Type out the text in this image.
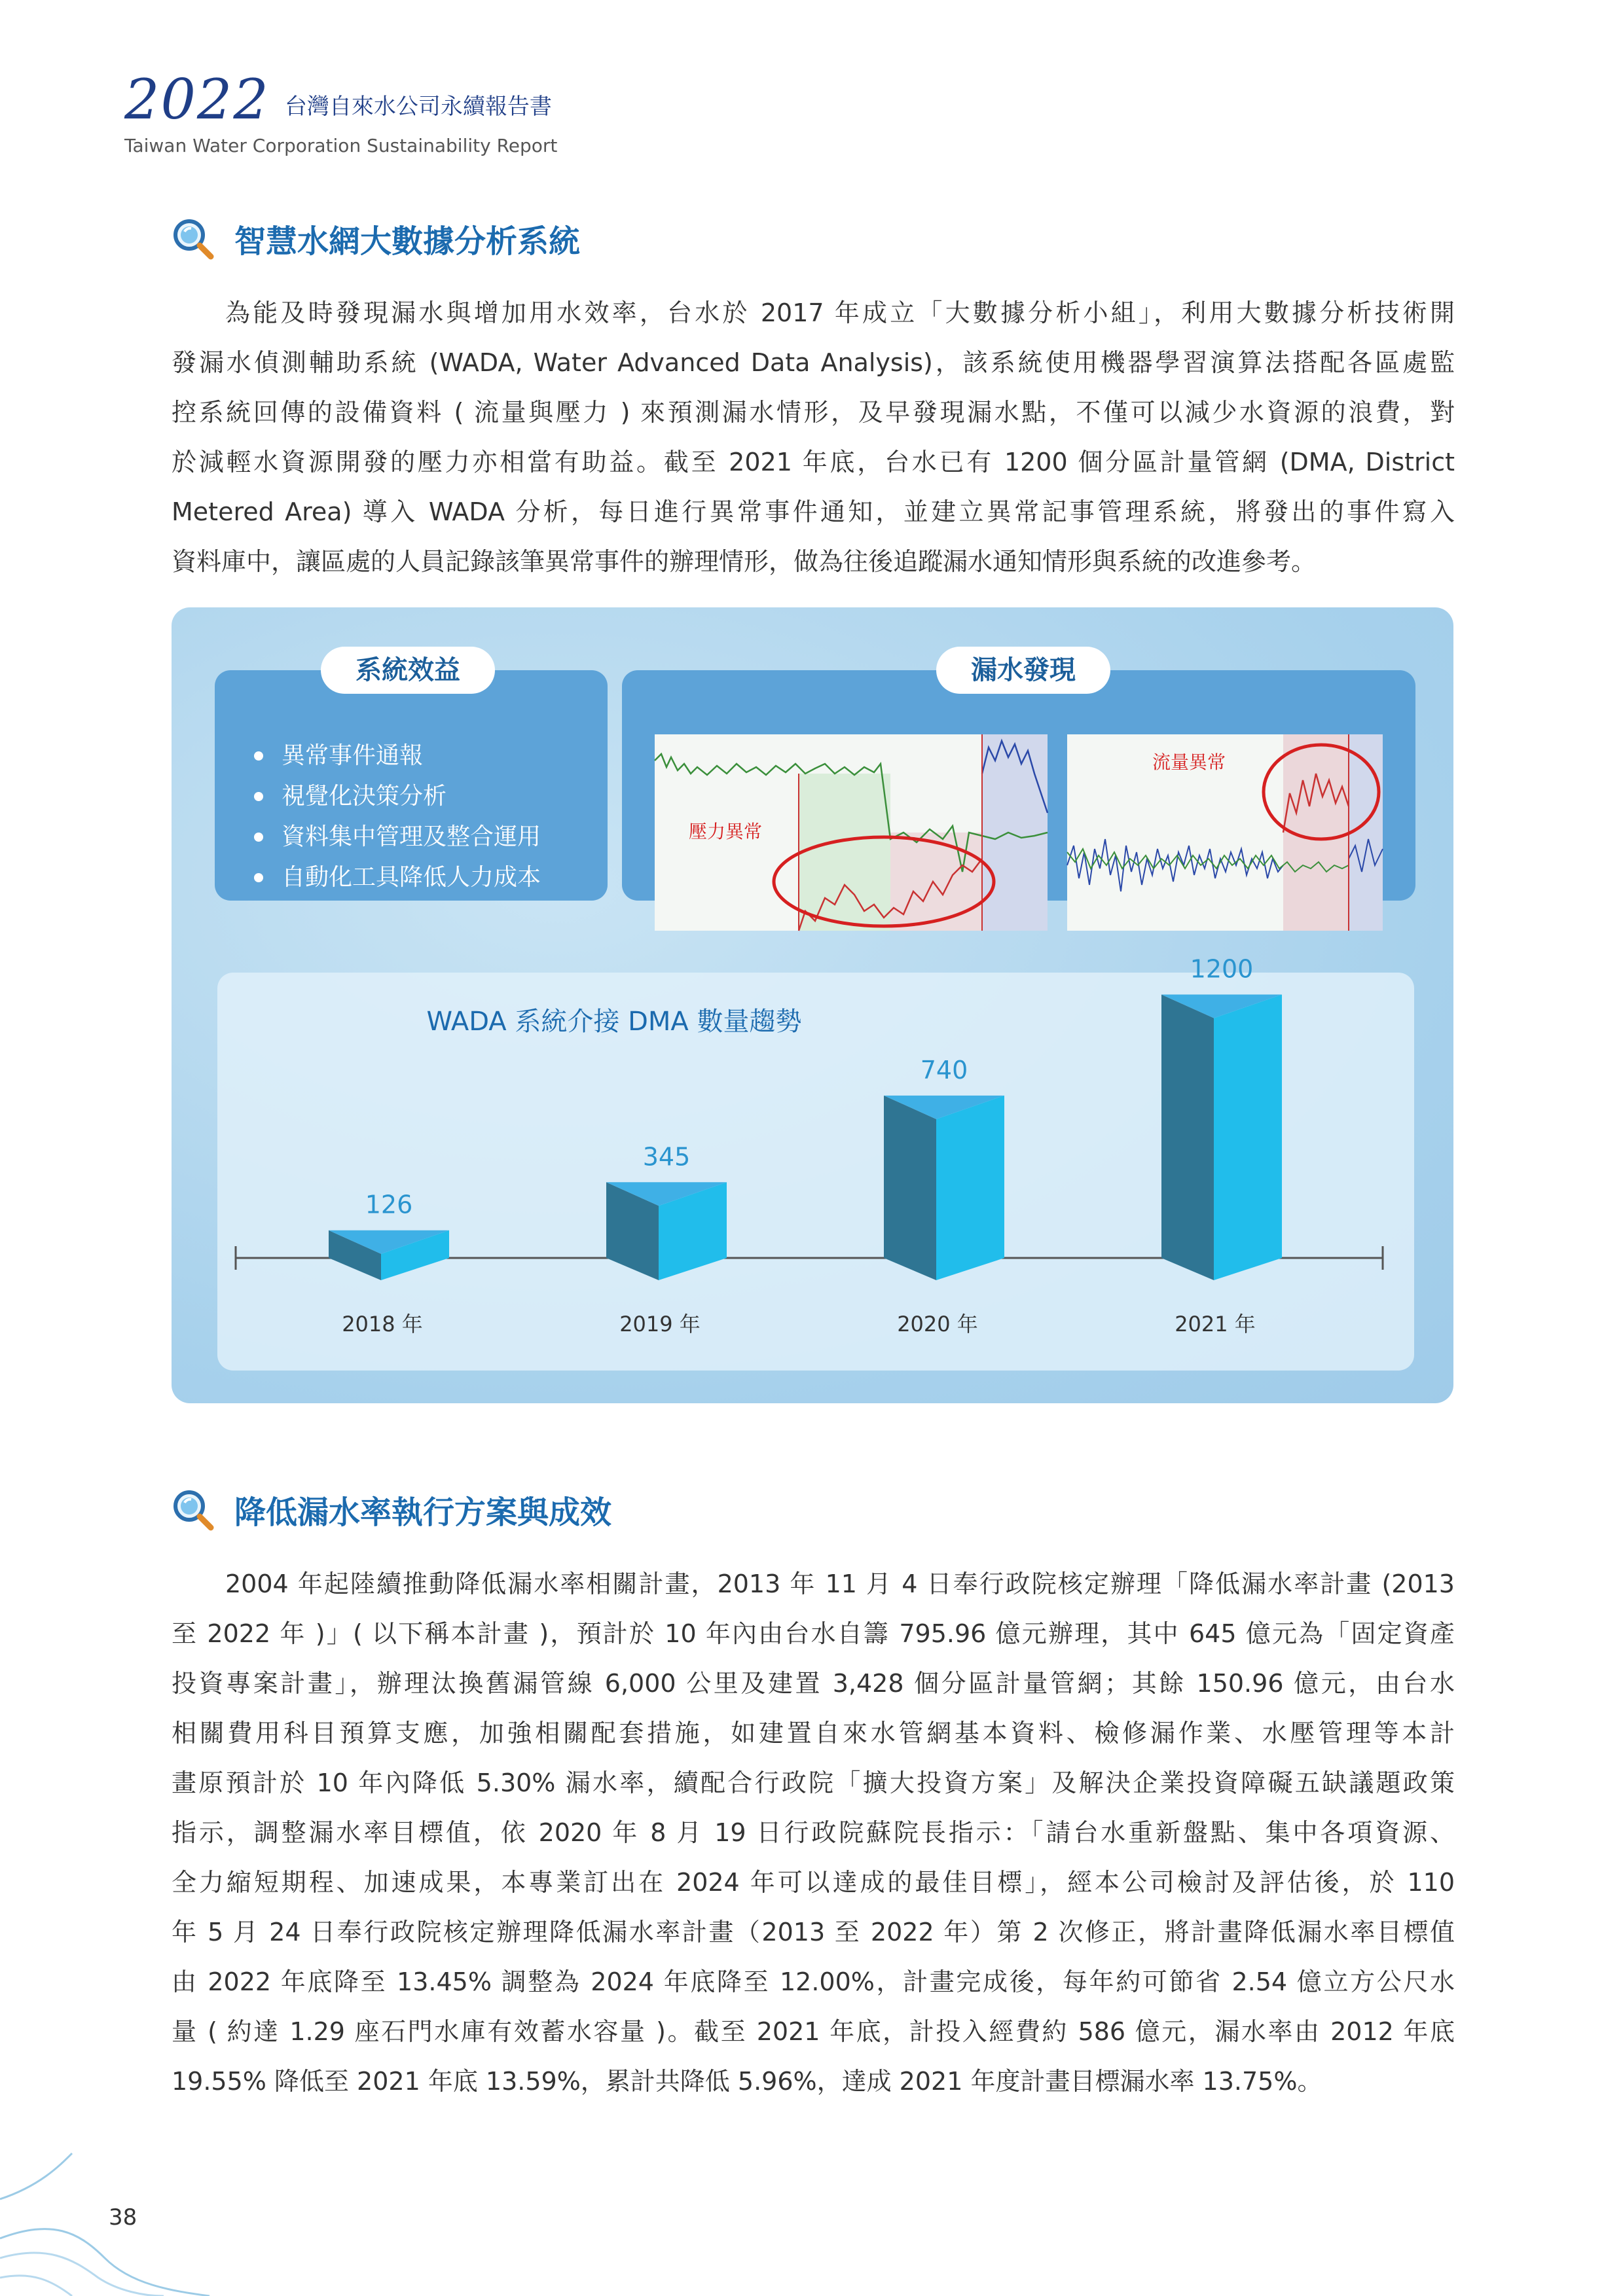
2022 台灣自來水公司永續報告書
Taiwan Water Corporation Sustainability Report
智慧水網大數據分析系統
為能及時發現漏水與增加用水效率，台水於 2017 年成立「大數據分析小組」，利用大數據分析技術開
發漏水偵測輔助系統 (WADA, Water Advanced Data Analysis)，該系統使用機器學習演算法搭配各區處監
控系統回傳的設備資料 ( 流量與壓力 ) 來預測漏水情形，及早發現漏水點，不僅可以減少水資源的浪費，對
於減輕水資源開發的壓力亦相當有助益。截至 2021 年底，台水已有 1200 個分區計量管網 (DMA, District
Metered Area) 導入 WADA 分析，每日進行異常事件通知，並建立異常記事管理系統，將發出的事件寫入
資料庫中，讓區處的人員記錄該筆異常事件的辦理情形，做為往後追蹤漏水通知情形與系統的改進參考。
異常事件通報
視覺化決策分析
資料集中管理及整合運用
自動化工具降低人力成本
系統效益
壓力異常
流量異常
漏水發現
WADA 系統介接 DMA 數量趨勢
126
2018 年
345
2019 年
740
2020 年
1200
2021 年
降低漏水率執行方案與成效
2004 年起陸續推動降低漏水率相關計畫，2013 年 11 月 4 日奉行政院核定辦理「降低漏水率計畫 (2013
至 2022 年 )」( 以下稱本計畫 )，預計於 10 年內由台水自籌 795.96 億元辦理，其中 645 億元為「固定資產
投資專案計畫」，辦理汰換舊漏管線 6,000 公里及建置 3,428 個分區計量管網；其餘 150.96 億元，由台水
相關費用科目預算支應，加強相關配套措施，如建置自來水管網基本資料、檢修漏作業、水壓管理等本計
畫原預計於 10 年內降低 5.30% 漏水率，續配合行政院「擴大投資方案」及解決企業投資障礙五缺議題政策
指示，調整漏水率目標值，依 2020 年 8 月 19 日行政院蘇院長指示：「請台水重新盤點、集中各項資源、
全力縮短期程、加速成果，本專業訂出在 2024 年可以達成的最佳目標」，經本公司檢討及評估後，於 110
年 5 月 24 日奉行政院核定辦理降低漏水率計畫（2013 至 2022 年）第 2 次修正，將計畫降低漏水率目標值
由 2022 年底降至 13.45% 調整為 2024 年底降至 12.00%，計畫完成後，每年約可節省 2.54 億立方公尺水
量 ( 約達 1.29 座石門水庫有效蓄水容量 )。截至 2021 年底，計投入經費約 586 億元，漏水率由 2012 年底
19.55% 降低至 2021 年底 13.59%，累計共降低 5.96%，達成 2021 年度計畫目標漏水率 13.75%。
38
